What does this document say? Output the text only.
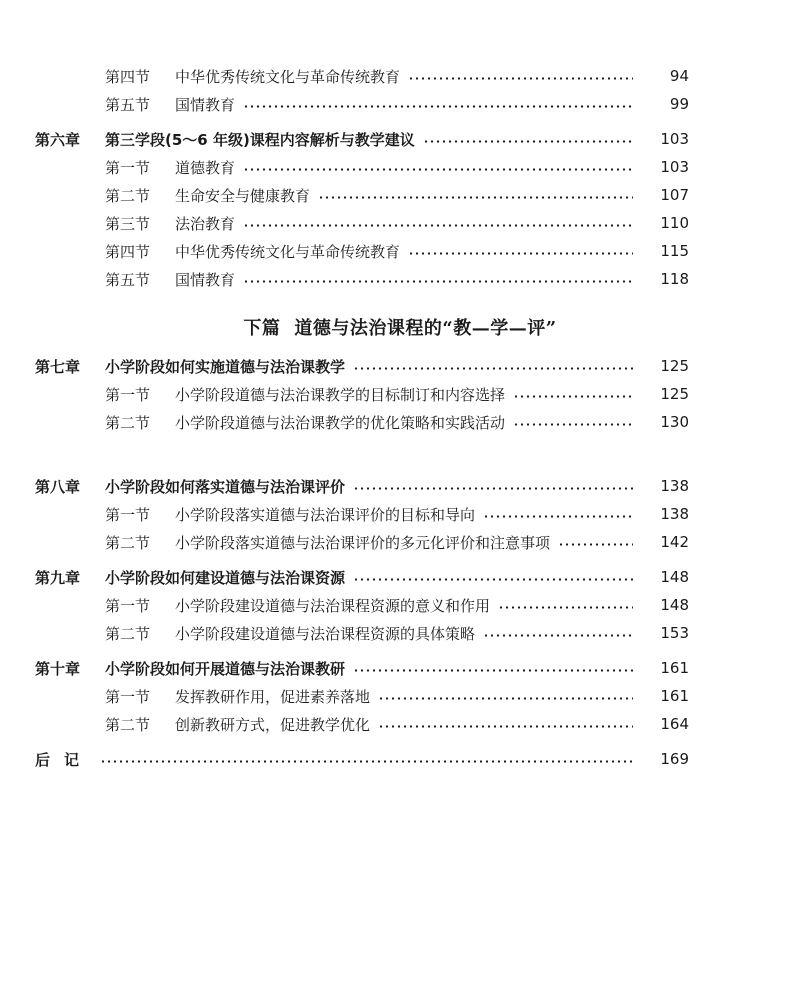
下篇 道德与法治课程的“教—学—评”
第四节 中华优秀传统文化与革命传统教育	94
第五节 国情教育	99
第六章 第三学段(5～6 年级)课程内容解析与教学建议	103
第一节 道德教育	103
第二节 生命安全与健康教育	107
第三节 法治教育	110
第四节 中华优秀传统文化与革命传统教育	115
第五节 国情教育	118
第七章 小学阶段如何实施道德与法治课教学	125
第一节 小学阶段道德与法治课教学的目标制订和内容选择	125
第二节 小学阶段道德与法治课教学的优化策略和实践活动	130
第八章 小学阶段如何落实道德与法治课评价	138
第一节 小学阶段落实道德与法治课评价的目标和导向	138
第二节 小学阶段落实道德与法治课评价的多元化评价和注意事项	142
第九章 小学阶段如何建设道德与法治课资源	148
第一节 小学阶段建设道德与法治课程资源的意义和作用	148
第二节 小学阶段建设道德与法治课程资源的具体策略	153
第十章 小学阶段如何开展道德与法治课教研	161
第一节 发挥教研作用，促进素养落地	161
第二节 创新教研方式，促进教学优化	164
后记	169
